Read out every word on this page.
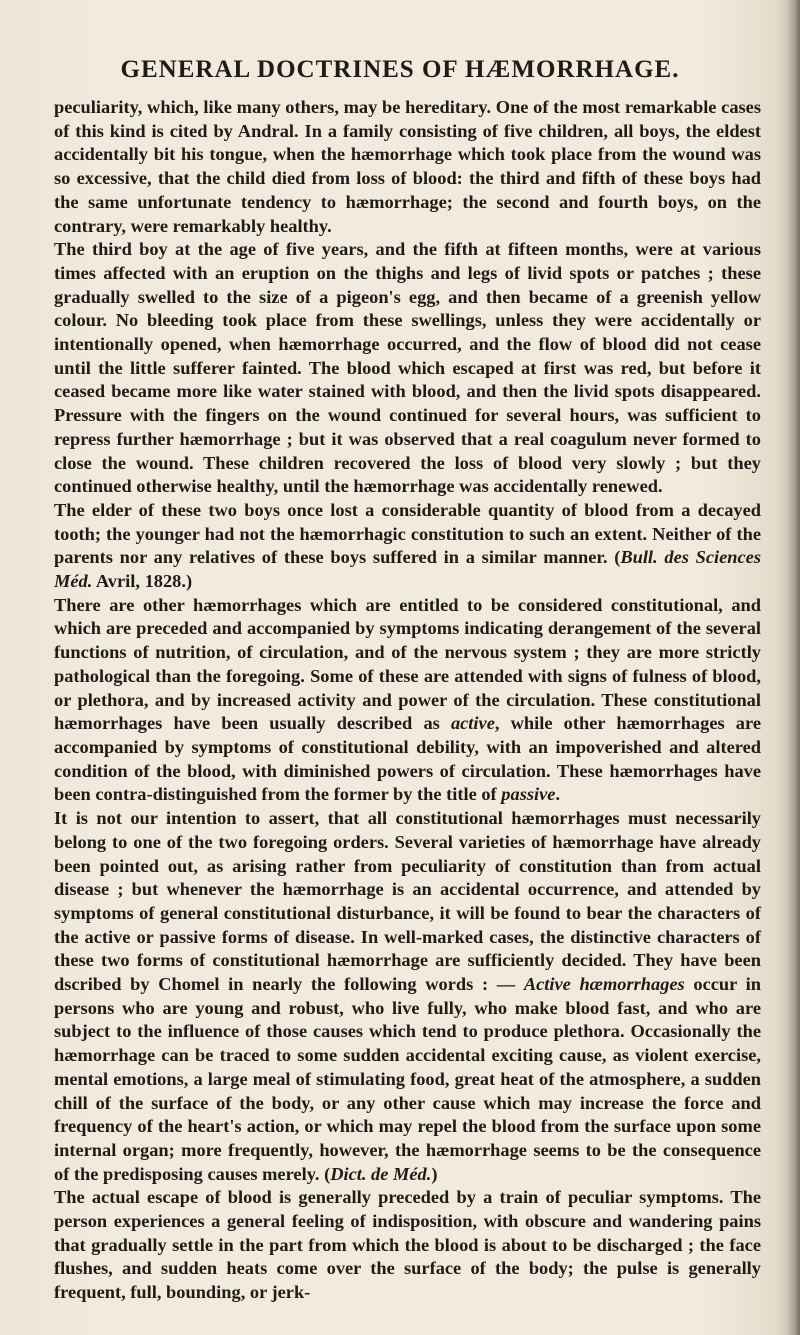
GENERAL DOCTRINES OF HÆMORRHAGE.

peculiarity, which, like many others, may be hereditary. One of the most remarkable cases of this kind is cited by Andral. In a family consisting of five children, all boys, the eldest accidentally bit his tongue, when the hæmorrhage which took place from the wound was so excessive, that the child died from loss of blood: the third and fifth of these boys had the same unfortunate tendency to hæmorrhage; the second and fourth boys, on the contrary, were remarkably healthy.

The third boy at the age of five years, and the fifth at fifteen months, were at various times affected with an eruption on the thighs and legs of livid spots or patches ; these gradually swelled to the size of a pigeon's egg, and then became of a greenish yellow colour. No bleeding took place from these swellings, unless they were accidentally or intentionally opened, when hæmorrhage occurred, and the flow of blood did not cease until the little sufferer fainted. The blood which escaped at first was red, but before it ceased became more like water stained with blood, and then the livid spots disappeared. Pressure with the fingers on the wound continued for several hours, was sufficient to repress further hæmorrhage ; but it was observed that a real coagulum never formed to close the wound. These children recovered the loss of blood very slowly ; but they continued otherwise healthy, until the hæmorrhage was accidentally renewed.

The elder of these two boys once lost a considerable quantity of blood from a decayed tooth; the younger had not the hæmorrhagic constitution to such an extent. Neither of the parents nor any relatives of these boys suffered in a similar manner. (Bull. des Sciences Méd. Avril, 1828.)

There are other hæmorrhages which are entitled to be considered constitutional, and which are preceded and accompanied by symptoms indicating derangement of the several functions of nutrition, of circulation, and of the nervous system ; they are more strictly pathological than the foregoing. Some of these are attended with signs of fulness of blood, or plethora, and by increased activity and power of the circulation. These constitutional hæmorrhages have been usually described as active, while other hæmorrhages are accompanied by symptoms of constitutional debility, with an impoverished and altered condition of the blood, with diminished powers of circulation. These hæmorrhages have been contra-distinguished from the former by the title of passive.

It is not our intention to assert, that all constitutional hæmorrhages must necessarily belong to one of the two foregoing orders. Several varieties of hæmorrhage have already been pointed out, as arising rather from peculiarity of constitution than from actual disease ; but whenever the hæmorrhage is an accidental occurrence, and attended by symptoms of general constitutional disturbance, it will be found to bear the characters of the active or passive forms of disease. In well-marked cases, the distinctive characters of these two forms of constitutional hæmorrhage are sufficiently decided. They have been dscribed by Chomel in nearly the following words : — Active hæmorrhages occur in persons who are young and robust, who live fully, who make blood fast, and who are subject to the influence of those causes which tend to produce plethora. Occasionally the hæmorrhage can be traced to some sudden accidental exciting cause, as violent exercise, mental emotions, a large meal of stimulating food, great heat of the atmosphere, a sudden chill of the surface of the body, or any other cause which may increase the force and frequency of the heart's action, or which may repel the blood from the surface upon some internal organ; more frequently, however, the hæmorrhage seems to be the consequence of the predisposing causes merely. (Dict. de Méd.)

The actual escape of blood is generally preceded by a train of peculiar symptoms. The person experiences a general feeling of indisposition, with obscure and wandering pains that gradually settle in the part from which the blood is about to be discharged ; the face flushes, and sudden heats come over the surface of the body; the pulse is generally frequent, full, bounding, or jerk-
